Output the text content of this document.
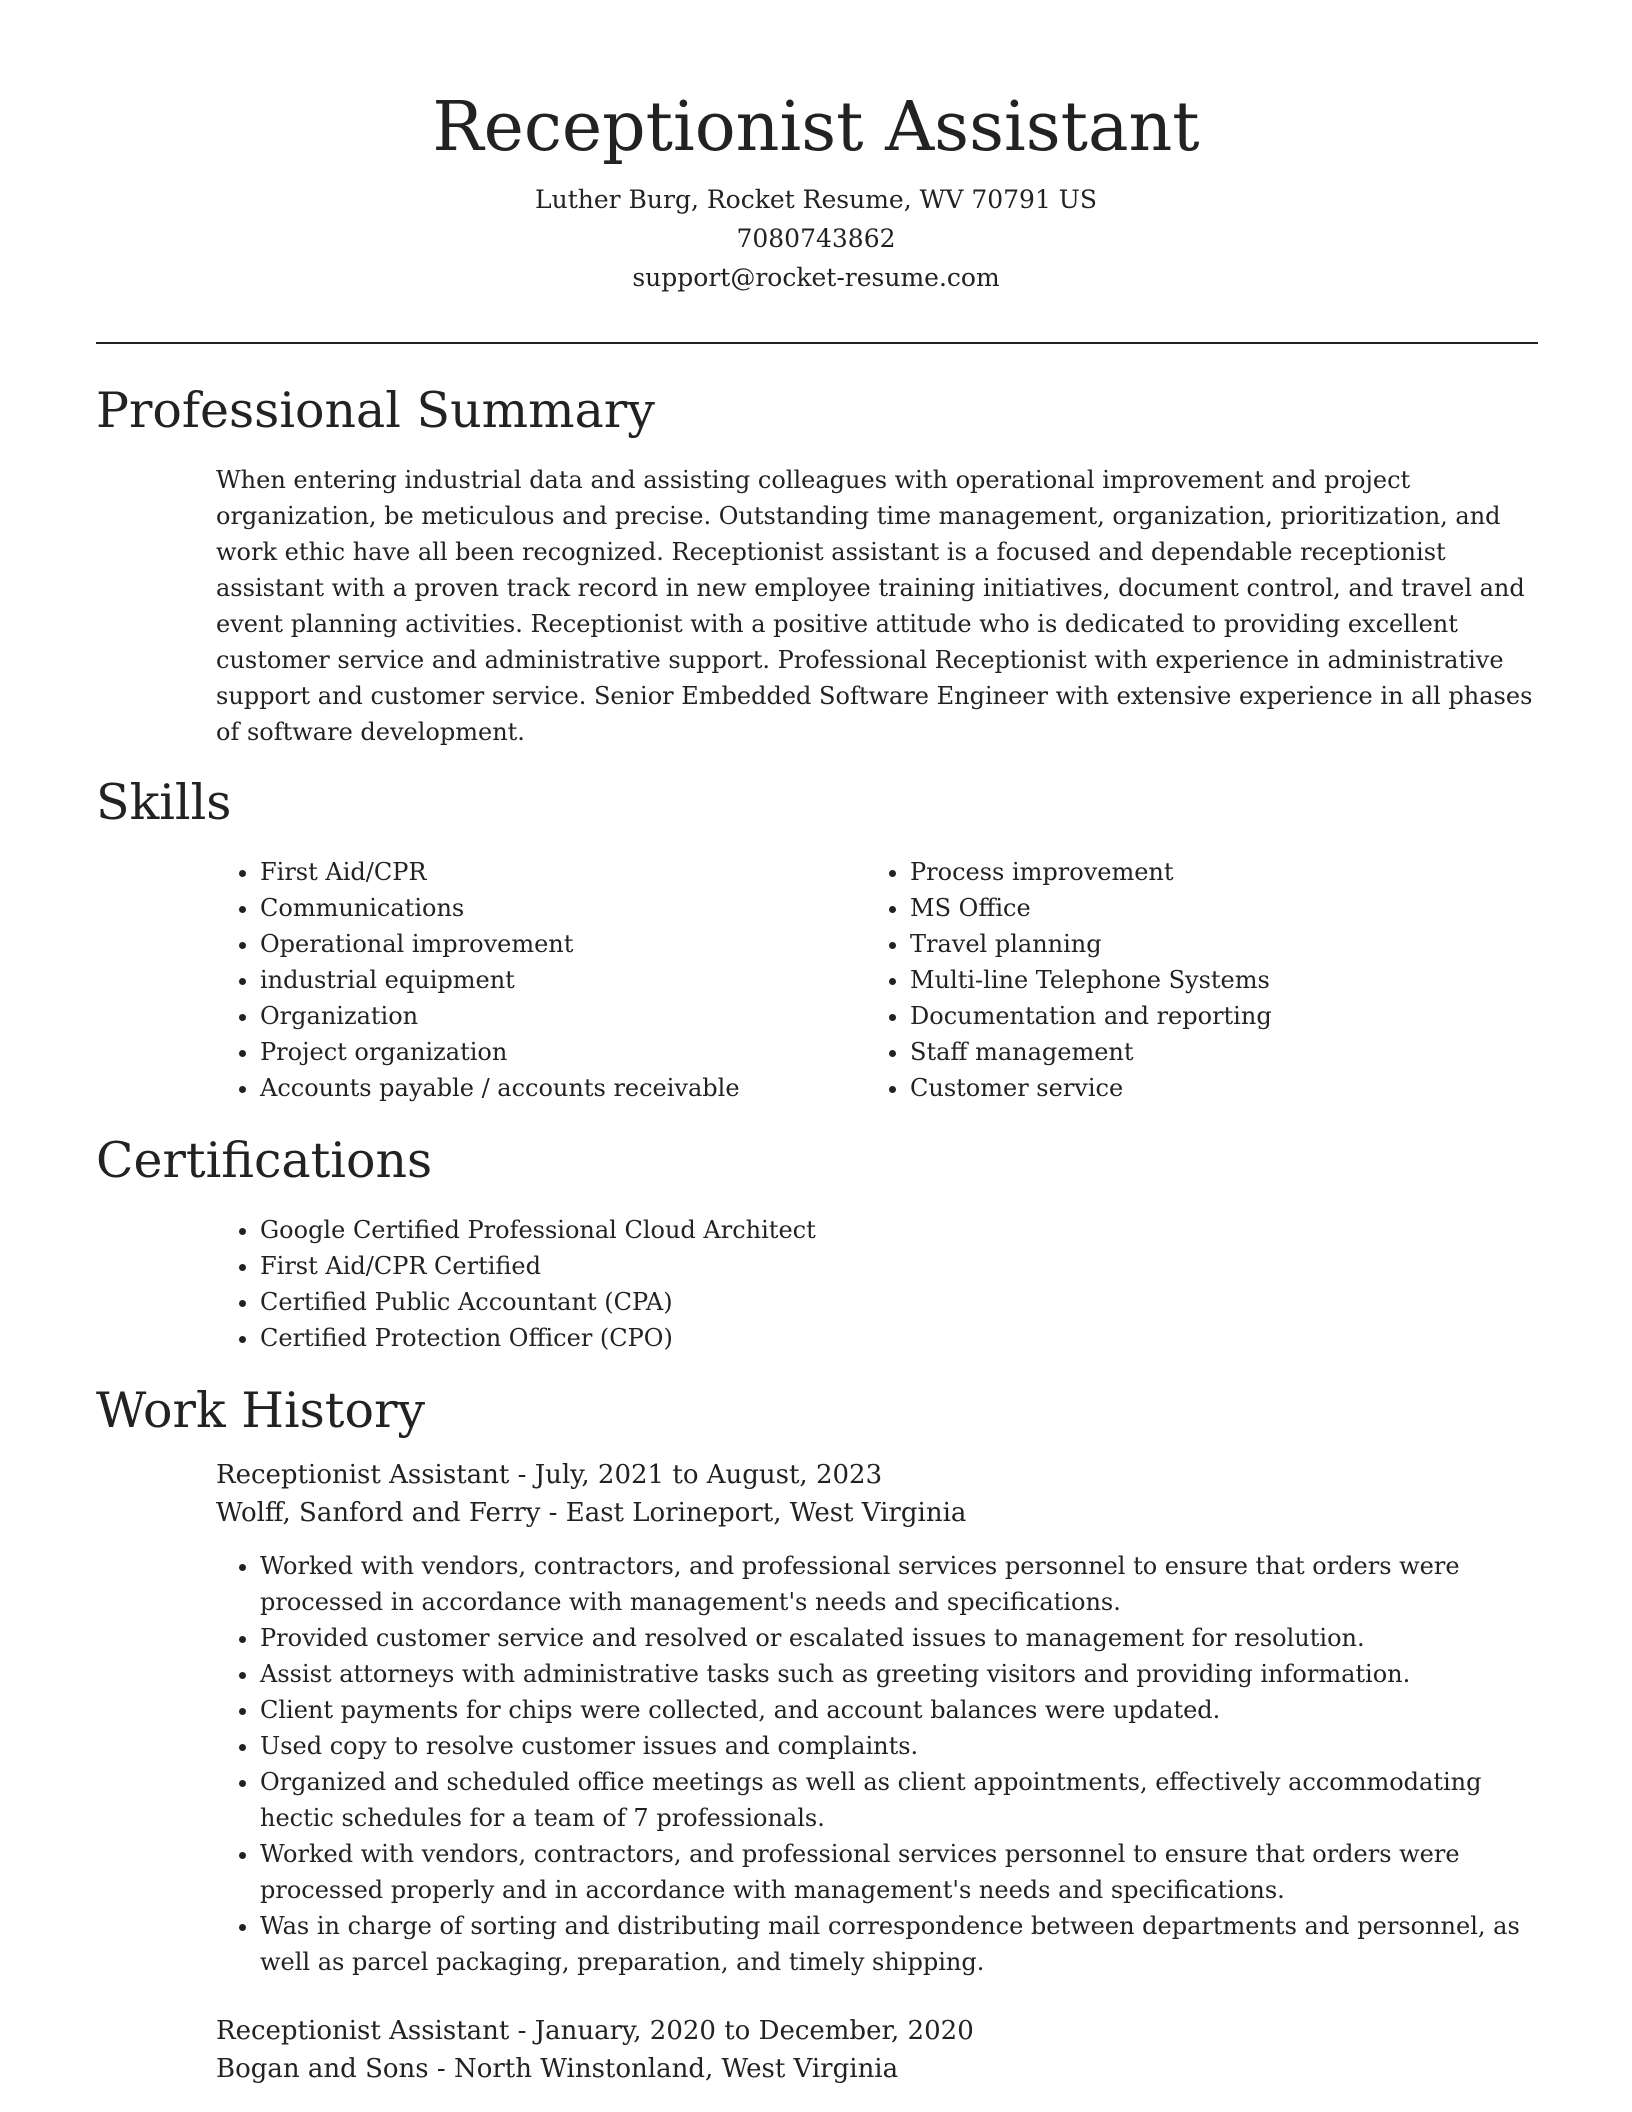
Receptionist Assistant
Luther Burg, Rocket Resume, WV 70791 US
7080743862
support@rocket-resume.com
Professional Summary

When entering industrial data and assisting colleagues with operational improvement and project organization, be meticulous and precise. Outstanding time management, organization, prioritization, and work ethic have all been recognized. Receptionist assistant is a focused and dependable receptionist assistant with a proven track record in new employee training initiatives, document control, and travel and event planning activities. Receptionist with a positive attitude who is dedicated to providing excellent customer service and administrative support. Professional Receptionist with experience in administrative support and customer service. Senior Embedded Software Engineer with extensive experience in all phases of software development.

Skills
• First Aid/CPR
• Communications
• Operational improvement
• industrial equipment
• Organization
• Project organization
• Accounts payable / accounts receivable
• Process improvement
• MS Office
• Travel planning
• Multi-line Telephone Systems
• Documentation and reporting
• Staff management
• Customer service
Certifications
• Google Certified Professional Cloud Architect
• First Aid/CPR Certified
• Certified Public Accountant (CPA)
• Certified Protection Officer (CPO)
Work History
Receptionist Assistant - July, 2021 to August, 2023
Wolff, Sanford and Ferry - East Lorineport, West Virginia
• Worked with vendors, contractors, and professional services personnel to ensure that orders were processed in accordance with management's needs and specifications.
• Provided customer service and resolved or escalated issues to management for resolution.
• Assist attorneys with administrative tasks such as greeting visitors and providing information.
• Client payments for chips were collected, and account balances were updated.
• Used copy to resolve customer issues and complaints.
• Organized and scheduled office meetings as well as client appointments, effectively accommodating hectic schedules for a team of 7 professionals.
• Worked with vendors, contractors, and professional services personnel to ensure that orders were processed properly and in accordance with management's needs and specifications.
• Was in charge of sorting and distributing mail correspondence between departments and personnel, as well as parcel packaging, preparation, and timely shipping.
Receptionist Assistant - January, 2020 to December, 2020
Bogan and Sons - North Winstonland, West Virginia
